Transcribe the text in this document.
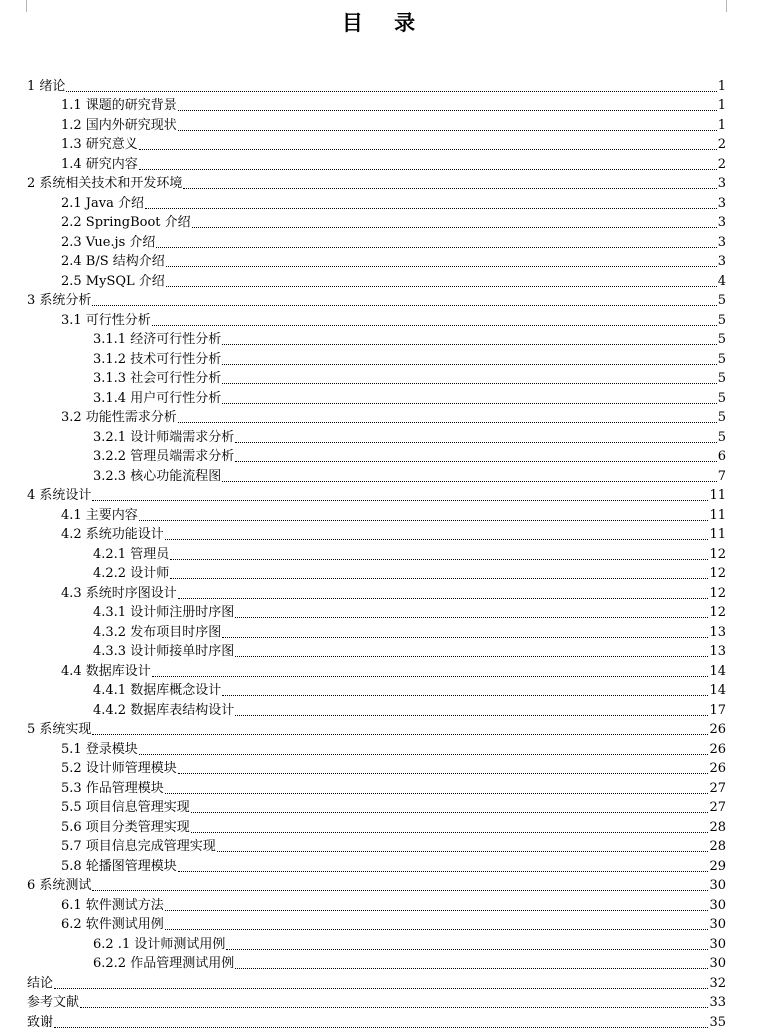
目 录
1 绪论	1
1.1 课题的研究背景	1
1.2 国内外研究现状	1
1.3 研究意义	2
1.4 研究内容	2
2 系统相关技术和开发环境	3
2.1 Java 介绍	3
2.2 SpringBoot 介绍	3
2.3 Vue.js 介绍	3
2.4 B/S 结构介绍	3
2.5 MySQL 介绍	4
3 系统分析	5
3.1 可行性分析	5
3.1.1 经济可行性分析	5
3.1.2 技术可行性分析	5
3.1.3 社会可行性分析	5
3.1.4 用户可行性分析	5
3.2 功能性需求分析	5
3.2.1 设计师端需求分析	5
3.2.2 管理员端需求分析	6
3.2.3 核心功能流程图	7
4 系统设计	11
4.1 主要内容	11
4.2 系统功能设计	11
4.2.1 管理员	12
4.2.2 设计师	12
4.3 系统时序图设计	12
4.3.1 设计师注册时序图	12
4.3.2 发布项目时序图	13
4.3.3 设计师接单时序图	13
4.4 数据库设计	14
4.4.1 数据库概念设计	14
4.4.2 数据库表结构设计	17
5 系统实现	26
5.1 登录模块	26
5.2 设计师管理模块	26
5.3 作品管理模块	27
5.5 项目信息管理实现	27
5.6 项目分类管理实现	28
5.7 项目信息完成管理实现	28
5.8 轮播图管理模块	29
6 系统测试	30
6.1 软件测试方法	30
6.2 软件测试用例	30
6.2 .1 设计师测试用例	30
6.2.2 作品管理测试用例	30
结论	32
参考文献	33
致谢	35
